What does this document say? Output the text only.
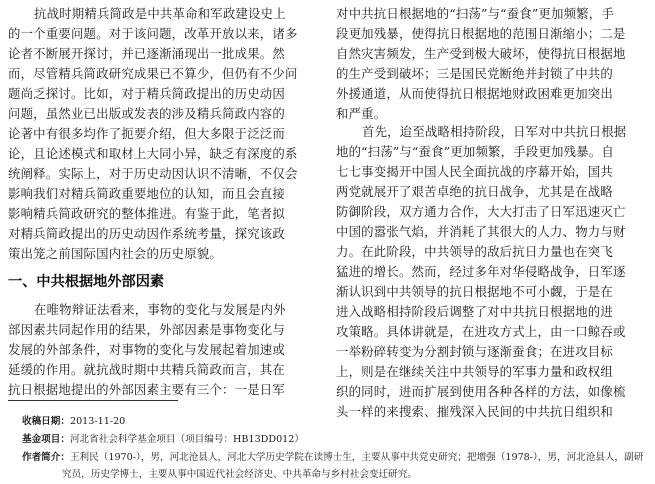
抗战时期精兵简政是中共革命和军政建设史上
的一个重要问题。对于该问题，改革开放以来，诸多
论者不断展开探讨，并已逐渐涌现出一批成果。然
而，尽管精兵简政研究成果已不算少，但仍有不少问
题尚乏探讨。比如，对于精兵简政提出的历史动因
问题，虽然业已出版或发表的涉及精兵简政内容的
论著中有很多均作了扼要介绍，但大多限于泛泛而
论，且论述模式和取材上大同小异，缺乏有深度的系
统阐释。实际上，对于历史动因认识不清晰，不仅会
影响我们对精兵简政重要地位的认知，而且会直接
影响精兵简政研究的整体推进。有鉴于此，笔者拟
对精兵简政提出的历史动因作系统考量，探究该政
策出笼之前国际国内社会的历史原貌。
一、中共根据地外部因素
在唯物辩证法看来，事物的变化与发展是内外
部因素共同起作用的结果，外部因素是事物变化与
发展的外部条件，对事物的变化与发展起着加速或
延缓的作用。就抗战时期中共精兵简政而言，其在
抗日根据地提出的外部因素主要有三个：一是日军
对中共抗日根据地的“扫荡”与“蚕食”更加频繁，手
段更加残暴，使得抗日根据地的范围日渐缩小；二是
自然灾害频发，生产受到极大破坏，使得抗日根据地
的生产受到破坏；三是国民党断绝并封锁了中共的
外援通道，从而使得抗日根据地财政困难更加突出
和严重。
首先，迨至战略相持阶段，日军对中共抗日根据
地的“扫荡”与“蚕食”更加频繁，手段更加残暴。自
七七事变揭开中国人民全面抗战的序幕开始，国共
两党就展开了艰苦卓绝的抗日战争，尤其是在战略
防御阶段，双方通力合作，大大打击了日军迅速灭亡
中国的嚣张气焰，并消耗了其很大的人力、物力与财
力。在此阶段，中共领导的敌后抗日力量也在突飞
猛进的增长。然而，经过多年对华侵略战争，日军逐
渐认识到中共领导的抗日根据地不可小觑，于是在
进入战略相持阶段后调整了对中共抗日根据地的进
攻策略。具体讲就是，在进攻方式上，由一口鲸吞或
一举粉碎转变为分割封锁与逐渐蚕食；在进攻目标
上，则是在继续关注中共领导的军事力量和政权组
织的同时，进而扩展到使用各种各样的方法，如像梳
头一样的来搜索、摧残深入民间的中共抗日组织和
收稿日期：2013-11-20
基金项目：河北省社会科学基金项目（项目编号：HB13DD012）
作者简介：王利民（1970-），男，河北沧县人，河北大学历史学院在读博士生，主要从事中共党史研究；把增强（1978-），男，河北沧县人，副研
究员，历史学博士，主要从事中国近代社会经济史、中共革命与乡村社会变迁研究。
